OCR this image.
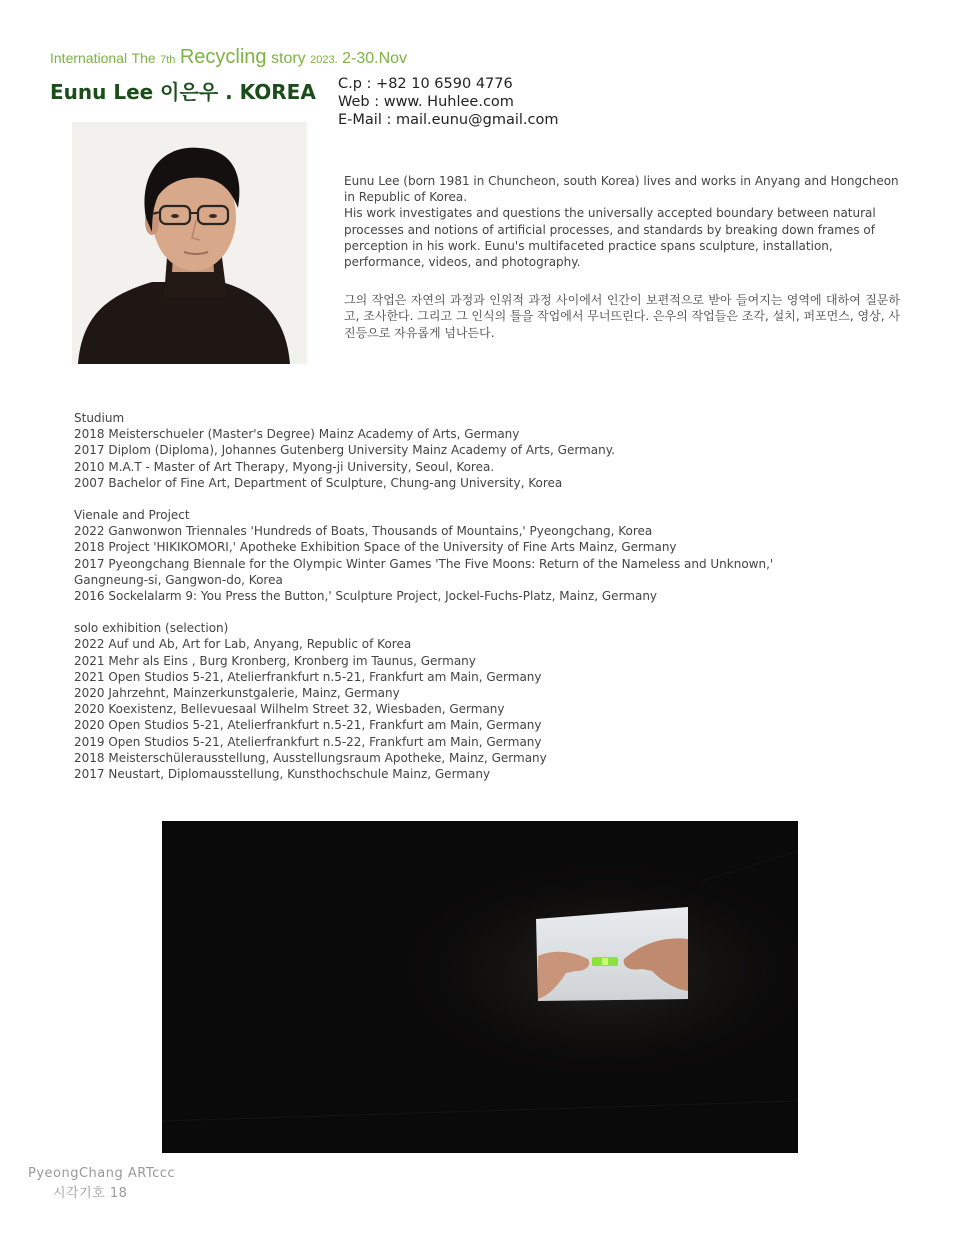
International The 7th Recycling story 2023. 2-30.Nov
Eunu Lee 이은우 . KOREA C.p : +82 10 6590 4776
Web : www. Huhlee.com
E-Mail : mail.eunu@gmail.com

Eunu Lee (born 1981 in Chuncheon, south Korea) lives and works in Anyang and Hongcheon in Republic of Korea.

His work investigates and questions the universally accepted boundary between natural processes and notions of artificial processes, and standards by breaking down frames of perception in his work. Eunu's multifaceted practice spans sculpture, installation, performance, videos, and photography.

그의 작업은 자연의 과정과 인위적 과정 사이에서 인간이 보편적으로 받아 들여지는 영역에 대하여 질문하고, 조사한다. 그리고 그 인식의 틀을 작업에서 무너뜨린다. 은우의 작업들은 조각, 설치, 퍼포먼스, 영상, 사진등으로 자유롭게 넘나든다.

Studium
2018 Meisterschueler (Master's Degree) Mainz Academy of Arts, Germany
2017 Diplom (Diploma), Johannes Gutenberg University Mainz Academy of Arts, Germany.
2010 M.A.T - Master of Art Therapy, Myong-ji University, Seoul, Korea.
2007 Bachelor of Fine Art, Department of Sculpture, Chung-ang University, Korea
Vienale and Project
2022 Ganwonwon Triennales 'Hundreds of Boats, Thousands of Mountains,' Pyeongchang, Korea
2018 Project 'HIKIKOMORI,' Apotheke Exhibition Space of the University of Fine Arts Mainz, Germany
2017 Pyeongchang Biennale for the Olympic Winter Games 'The Five Moons: Return of the Nameless and Unknown,'
Gangneung-si, Gangwon-do, Korea
2016 Sockelalarm 9: You Press the Button,' Sculpture Project, Jockel-Fuchs-Platz, Mainz, Germany
solo exhibition (selection)
2022 Auf und Ab, Art for Lab, Anyang, Republic of Korea
2021 Mehr als Eins , Burg Kronberg, Kronberg im Taunus, Germany
2021 Open Studios 5-21, Atelierfrankfurt n.5-21, Frankfurt am Main, Germany
2020 Jahrzehnt, Mainzerkunstgalerie, Mainz, Germany
2020 Koexistenz, Bellevuesaal Wilhelm Street 32, Wiesbaden, Germany
2020 Open Studios 5-21, Atelierfrankfurt n.5-21, Frankfurt am Main, Germany
2019 Open Studios 5-21, Atelierfrankfurt n.5-22, Frankfurt am Main, Germany
2018 Meisterschülerausstellung, Ausstellungsraum Apotheke, Mainz, Germany
2017 Neustart, Diplomausstellung, Kunsthochschule Mainz, Germany
PyeongChang ARTccc
시각기호 18
